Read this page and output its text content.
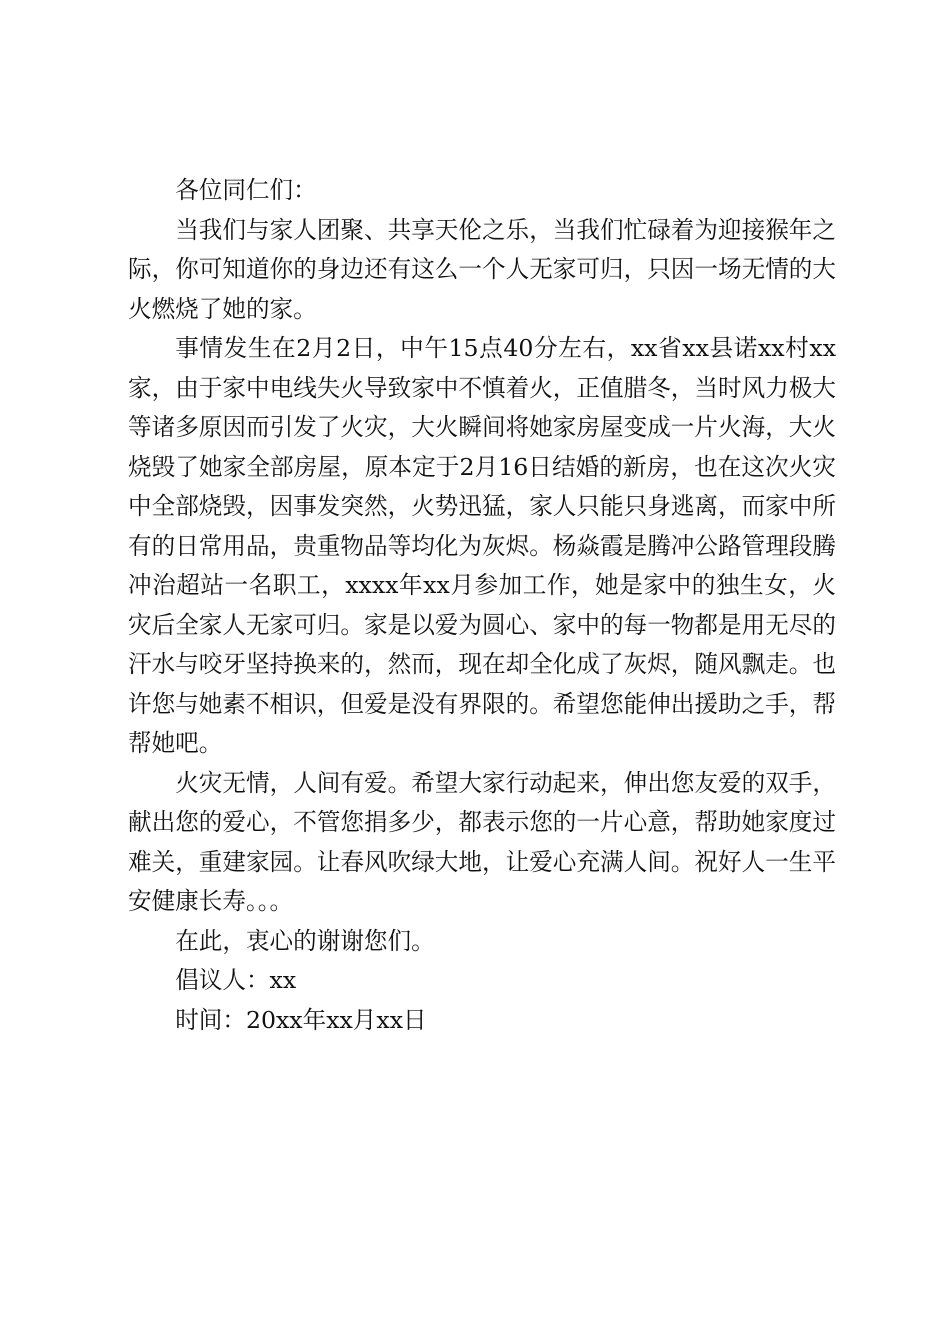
各位同仁们：

当我们与家人团聚、共享天伦之乐，当我们忙碌着为迎接猴年之际，你可知道你的身边还有这么一个人无家可归，只因一场无情的大火燃烧了她的家。

事情发生在2月2日，中午15点40分左右，xx省xx县诺xx村xx家，由于家中电线失火导致家中不慎着火，正值腊冬，当时风力极大等诸多原因而引发了火灾，大火瞬间将她家房屋变成一片火海，大火烧毁了她家全部房屋，原本定于2月16日结婚的新房，也在这次火灾中全部烧毁，因事发突然，火势迅猛，家人只能只身逃离，而家中所有的日常用品，贵重物品等均化为灰烬。杨焱霞是腾冲公路管理段腾冲治超站一名职工，xxxx年xx月参加工作，她是家中的独生女，火灾后全家人无家可归。家是以爱为圆心、家中的每一物都是用无尽的汗水与咬牙坚持换来的，然而，现在却全化成了灰烬，随风飘走。也许您与她素不相识，但爱是没有界限的。希望您能伸出援助之手，帮帮她吧。

火灾无情，人间有爱。希望大家行动起来，伸出您友爱的双手，献出您的爱心，不管您捐多少，都表示您的一片心意，帮助她家度过难关，重建家园。让春风吹绿大地，让爱心充满人间。祝好人一生平安健康长寿。。。

在此，衷心的谢谢您们。

倡议人：xx

时间：20xx年xx月xx日
